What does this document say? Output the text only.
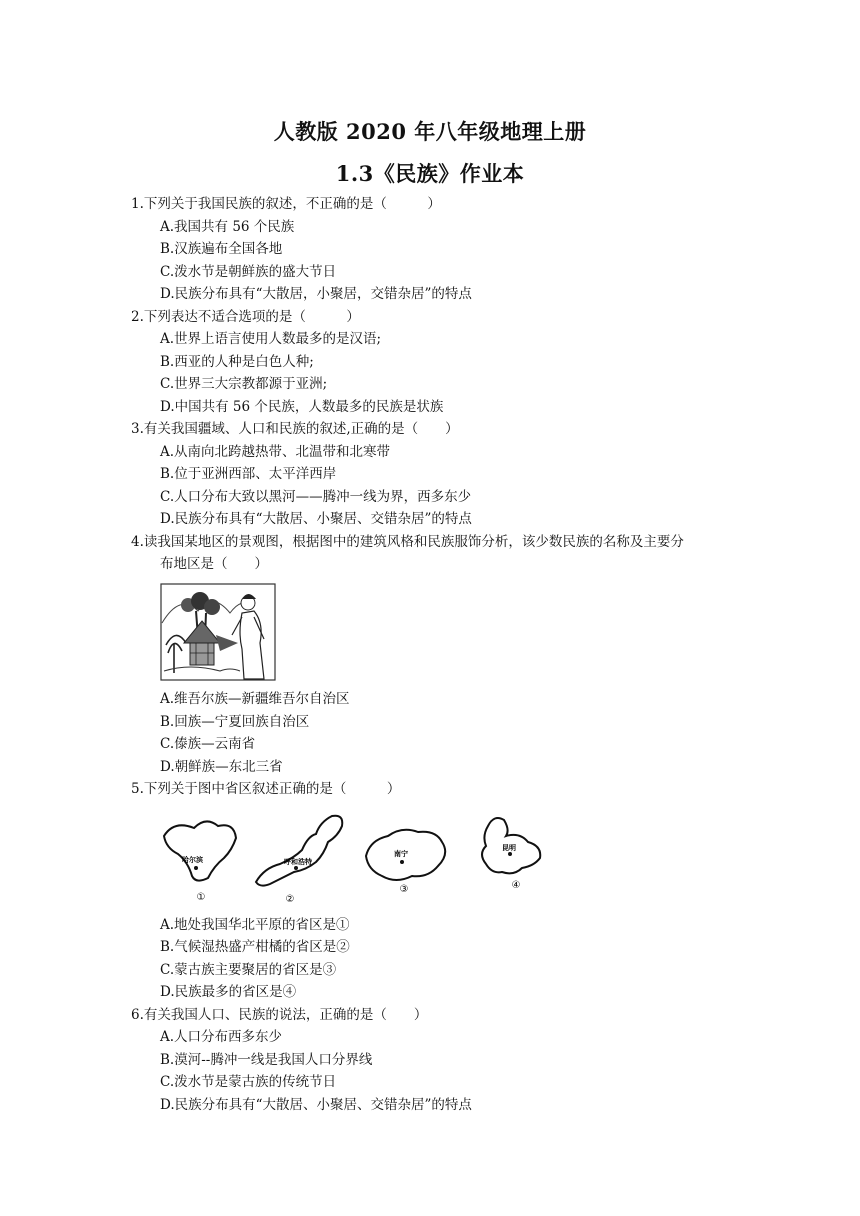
人教版 2020 年八年级地理上册
1.3《民族》作业本
1.下列关于我国民族的叙述，不正确的是（　　　）
A.我国共有 56 个民族
B.汉族遍布全国各地
C.泼水节是朝鲜族的盛大节日
D.民族分布具有“大散居，小聚居，交错杂居”的特点
2.下列表达不适合选项的是（　　　）
A.世界上语言使用人数最多的是汉语;
B.西亚的人种是白色人种;
C.世界三大宗教都源于亚洲;
D.中国共有 56 个民族，人数最多的民族是状族
3.有关我国疆域、人口和民族的叙述,正确的是（　　）
A.从南向北跨越热带、北温带和北寒带
B.位于亚洲西部、太平洋西岸
C.人口分布大致以黑河——腾冲一线为界，西多东少
D.民族分布具有“大散居、小聚居、交错杂居”的特点
4.读我国某地区的景观图，根据图中的建筑风格和民族服饰分析，该少数民族的名称及主要分
布地区是（　　）
A.维吾尔族—新疆维吾尔自治区
B.回族—宁夏回族自治区
C.傣族—云南省
D.朝鲜族—东北三省
5.下列关于图中省区叙述正确的是（　　　）
哈尔滨
①
呼和浩特
②
南宁
③
昆明
④
A.地处我国华北平原的省区是①
B.气候湿热盛产柑橘的省区是②
C.蒙古族主要聚居的省区是③
D.民族最多的省区是④
6.有关我国人口、民族的说法，正确的是（　　）
A.人口分布西多东少
B.漠河--腾冲一线是我国人口分界线
C.泼水节是蒙古族的传统节日
D.民族分布具有“大散居、小聚居、交错杂居”的特点
